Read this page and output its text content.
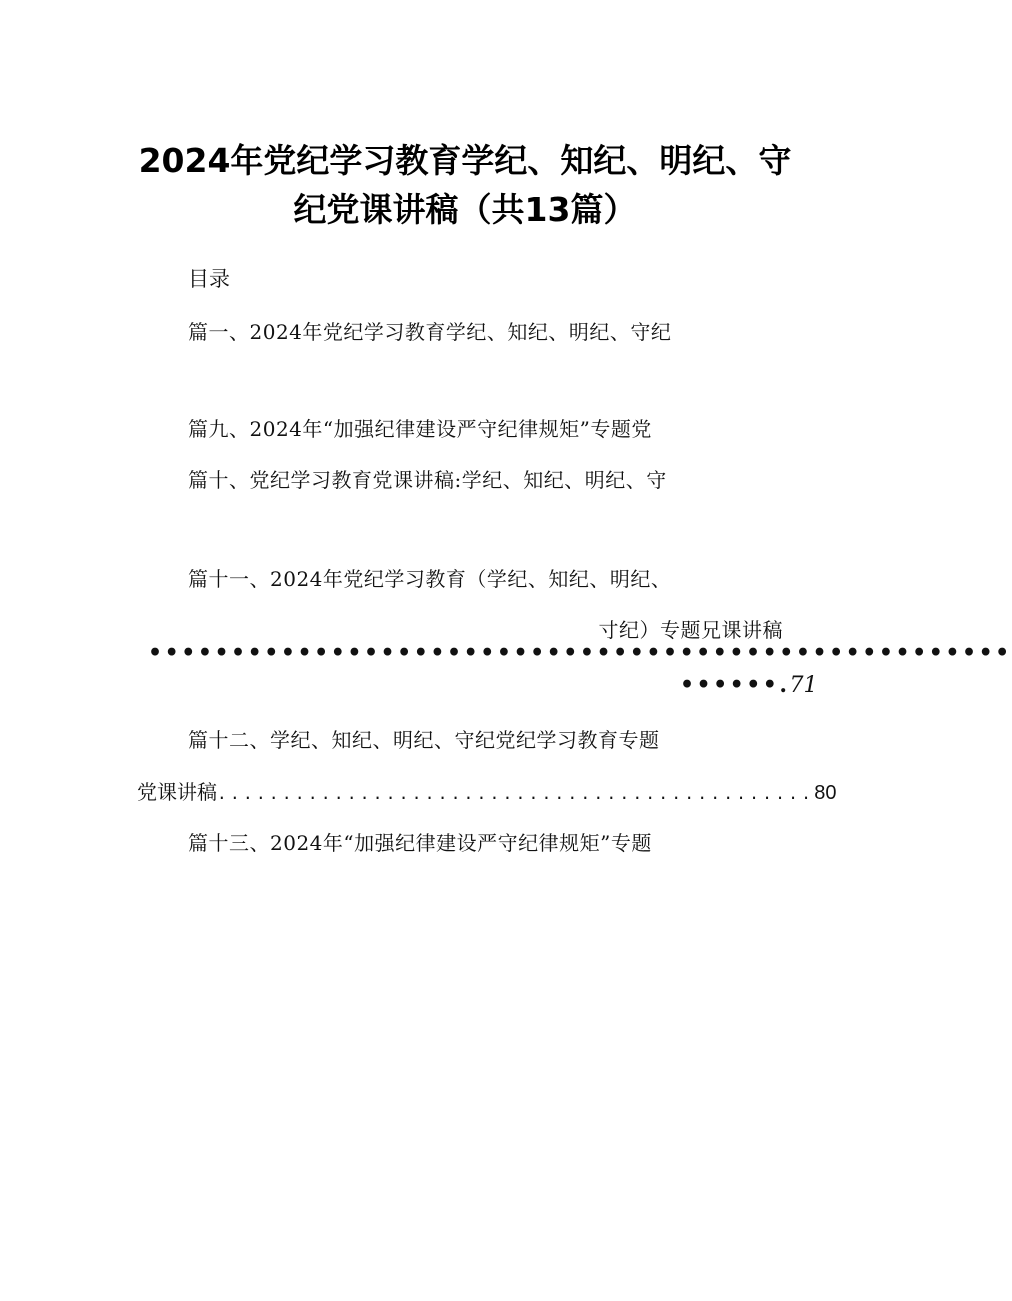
2024年党纪学习教育学纪、知纪、明纪、守
纪党课讲稿（共13篇）
目录
篇一、2024年党纪学习教育学纪、知纪、明纪、守纪
篇九、2024年“加强纪律建设严守纪律规矩”专题党
篇十、党纪学习教育党课讲稿:学纪、知纪、明纪、守
篇十一、2024年党纪学习教育（学纪、知纪、明纪、
寸纪）专题兄课讲稿
••••••••••••••••••••••••••••••••••••••••••••••••••••
••••••.71
篇十二、学纪、知纪、明纪、守纪党纪学习教育专题
党课讲稿..............................................80
篇十三、2024年“加强纪律建设严守纪律规矩”专题
